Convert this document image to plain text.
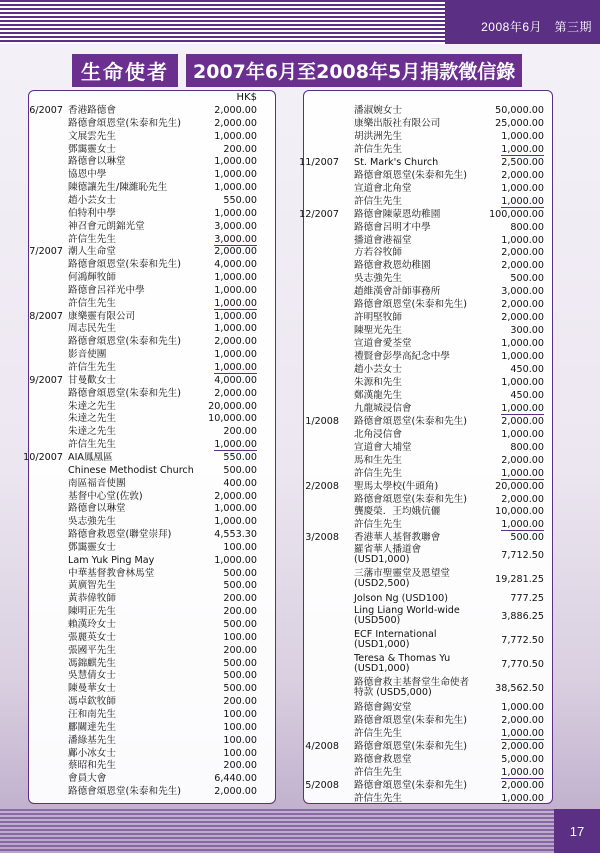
2008年6月　第三期
生命使者	2007年6月至2008年5月捐款徵信錄
HK$
6/2007 香港路德會	2,000.00
路德會頌恩堂(朱泰和先生)	2,000.00
文展雲先生	1,000.00
鄧靄靈女士	200.00
路德會以琳堂	1,000.00
協恩中學	1,000.00
陳德讓先生/陳濰恥先生	1,000.00
趙小芸女士	550.00
伯特利中學	1,000.00
神召會元朗錦光堂	3,000.00
許信生先生	3,000.00
7/2007 潮人生命堂	2,000.00
路德會頌恩堂(朱泰和先生)	4,000.00
何鴻輝牧師	1,000.00
路德會呂祥光中學	1,000.00
許信生先生	1,000.00
8/2007 康樂靈有限公司	1,000.00
周志民先生	1,000.00
路德會頌恩堂(朱泰和先生)	2,000.00
影音使團	1,000.00
許信生先生	1,000.00
9/2007 甘曼歡女士	4,000.00
路德會頌恩堂(朱泰和先生)	2,000.00
朱達之先生	20,000.00
朱達之先生	10,000.00
朱達之先生	200.00
許信生先生	1,000.00
10/2007 AIA鳳凰區	550.00
Chinese Methodist Church	500.00
南區福音使團	400.00
基督中心堂(佐敦)	2,000.00
路德會以琳堂	1,000.00
吳志強先生	1,000.00
路德會救恩堂(聯堂崇拜)	4,553.30
鄧靄靈女士	100.00
Lam Yuk Ping May	1,000.00
中華基督教會林馬堂	500.00
黃廣智先生	500.00
黃恭偉牧師	200.00
陳明正先生	200.00
賴漢玲女士	500.00
張麗英女士	100.00
張國平先生	200.00
馮錦麒先生	500.00
吳慧倩女士	500.00
陳曼華女士	500.00
馮卓欽牧師	200.00
汪和南先生	100.00
酈關達先生	100.00
潘綠基先生	100.00
鄺小冰女士	100.00
蔡昭和先生	200.00
會員大會	6,440.00
路德會頌恩堂(朱泰和先生)	2,000.00
潘淑婉女士	50,000.00
康樂出版社有限公司	25,000.00
胡洪洲先生	1,000.00
許信生先生	1,000.00
11/2007 St. Mark's Church	2,500.00
路德會頌恩堂(朱泰和先生)	2,000.00
宣道會北角堂	1,000.00
許信生先生	1,000.00
12/2007 路德會陳蒙恩幼稚園	100,000.00
路德會呂明才中學	800.00
播道會港福堂	1,000.00
方若谷牧師	2,000.00
路德會救恩幼稚園	2,000.00
吳志強先生	500.00
趙維漢會計師事務所	3,000.00
路德會頌恩堂(朱泰和先生)	2,000.00
許明堅牧師	2,000.00
陳聖光先生	300.00
宣道會愛荃堂	1,000.00
禮賢會彭學高紀念中學	1,000.00
趙小芸女士	450.00
朱源和先生	1,000.00
鄭漢龍先生	450.00
九龍城浸信會	1,000.00
1/2008 路德會頌恩堂(朱泰和先生)	2,000.00
北角浸信會	1,000.00
宣道會大埔堂	800.00
馬和生先生	2,000.00
許信生先生	1,000.00
2/2008 聖馬太學校(牛頭角)	20,000.00
路德會頌恩堂(朱泰和先生)	2,000.00
龔慶榮．王均娥伉儷	10,000.00
許信生先生	1,000.00
3/2008 香港華人基督教聯會	500.00
羅省華人播道會
(USD1,000)	7,712.50
三藩市聖靈堂及恩望堂
(USD2,500)	19,281.25
Jolson Ng (USD100)	777.25
Ling Liang World-wide
(USD500)	3,886.25
ECF International
(USD1,000)	7,772.50
Teresa & Thomas Yu
(USD1,000)	7,770.50
路德會救主基督堂生命使者
特款 (USD5,000)	38,562.50
路德會錫安堂	1,000.00
路德會頌恩堂(朱泰和先生)	2,000.00
許信生先生	1,000.00
4/2008 路德會頌恩堂(朱泰和先生)	2,000.00
路德會救恩堂	5,000.00
許信生先生	1,000.00
5/2008 路德會頌恩堂(朱泰和先生)	2,000.00
許信生先生	1,000.00
17
